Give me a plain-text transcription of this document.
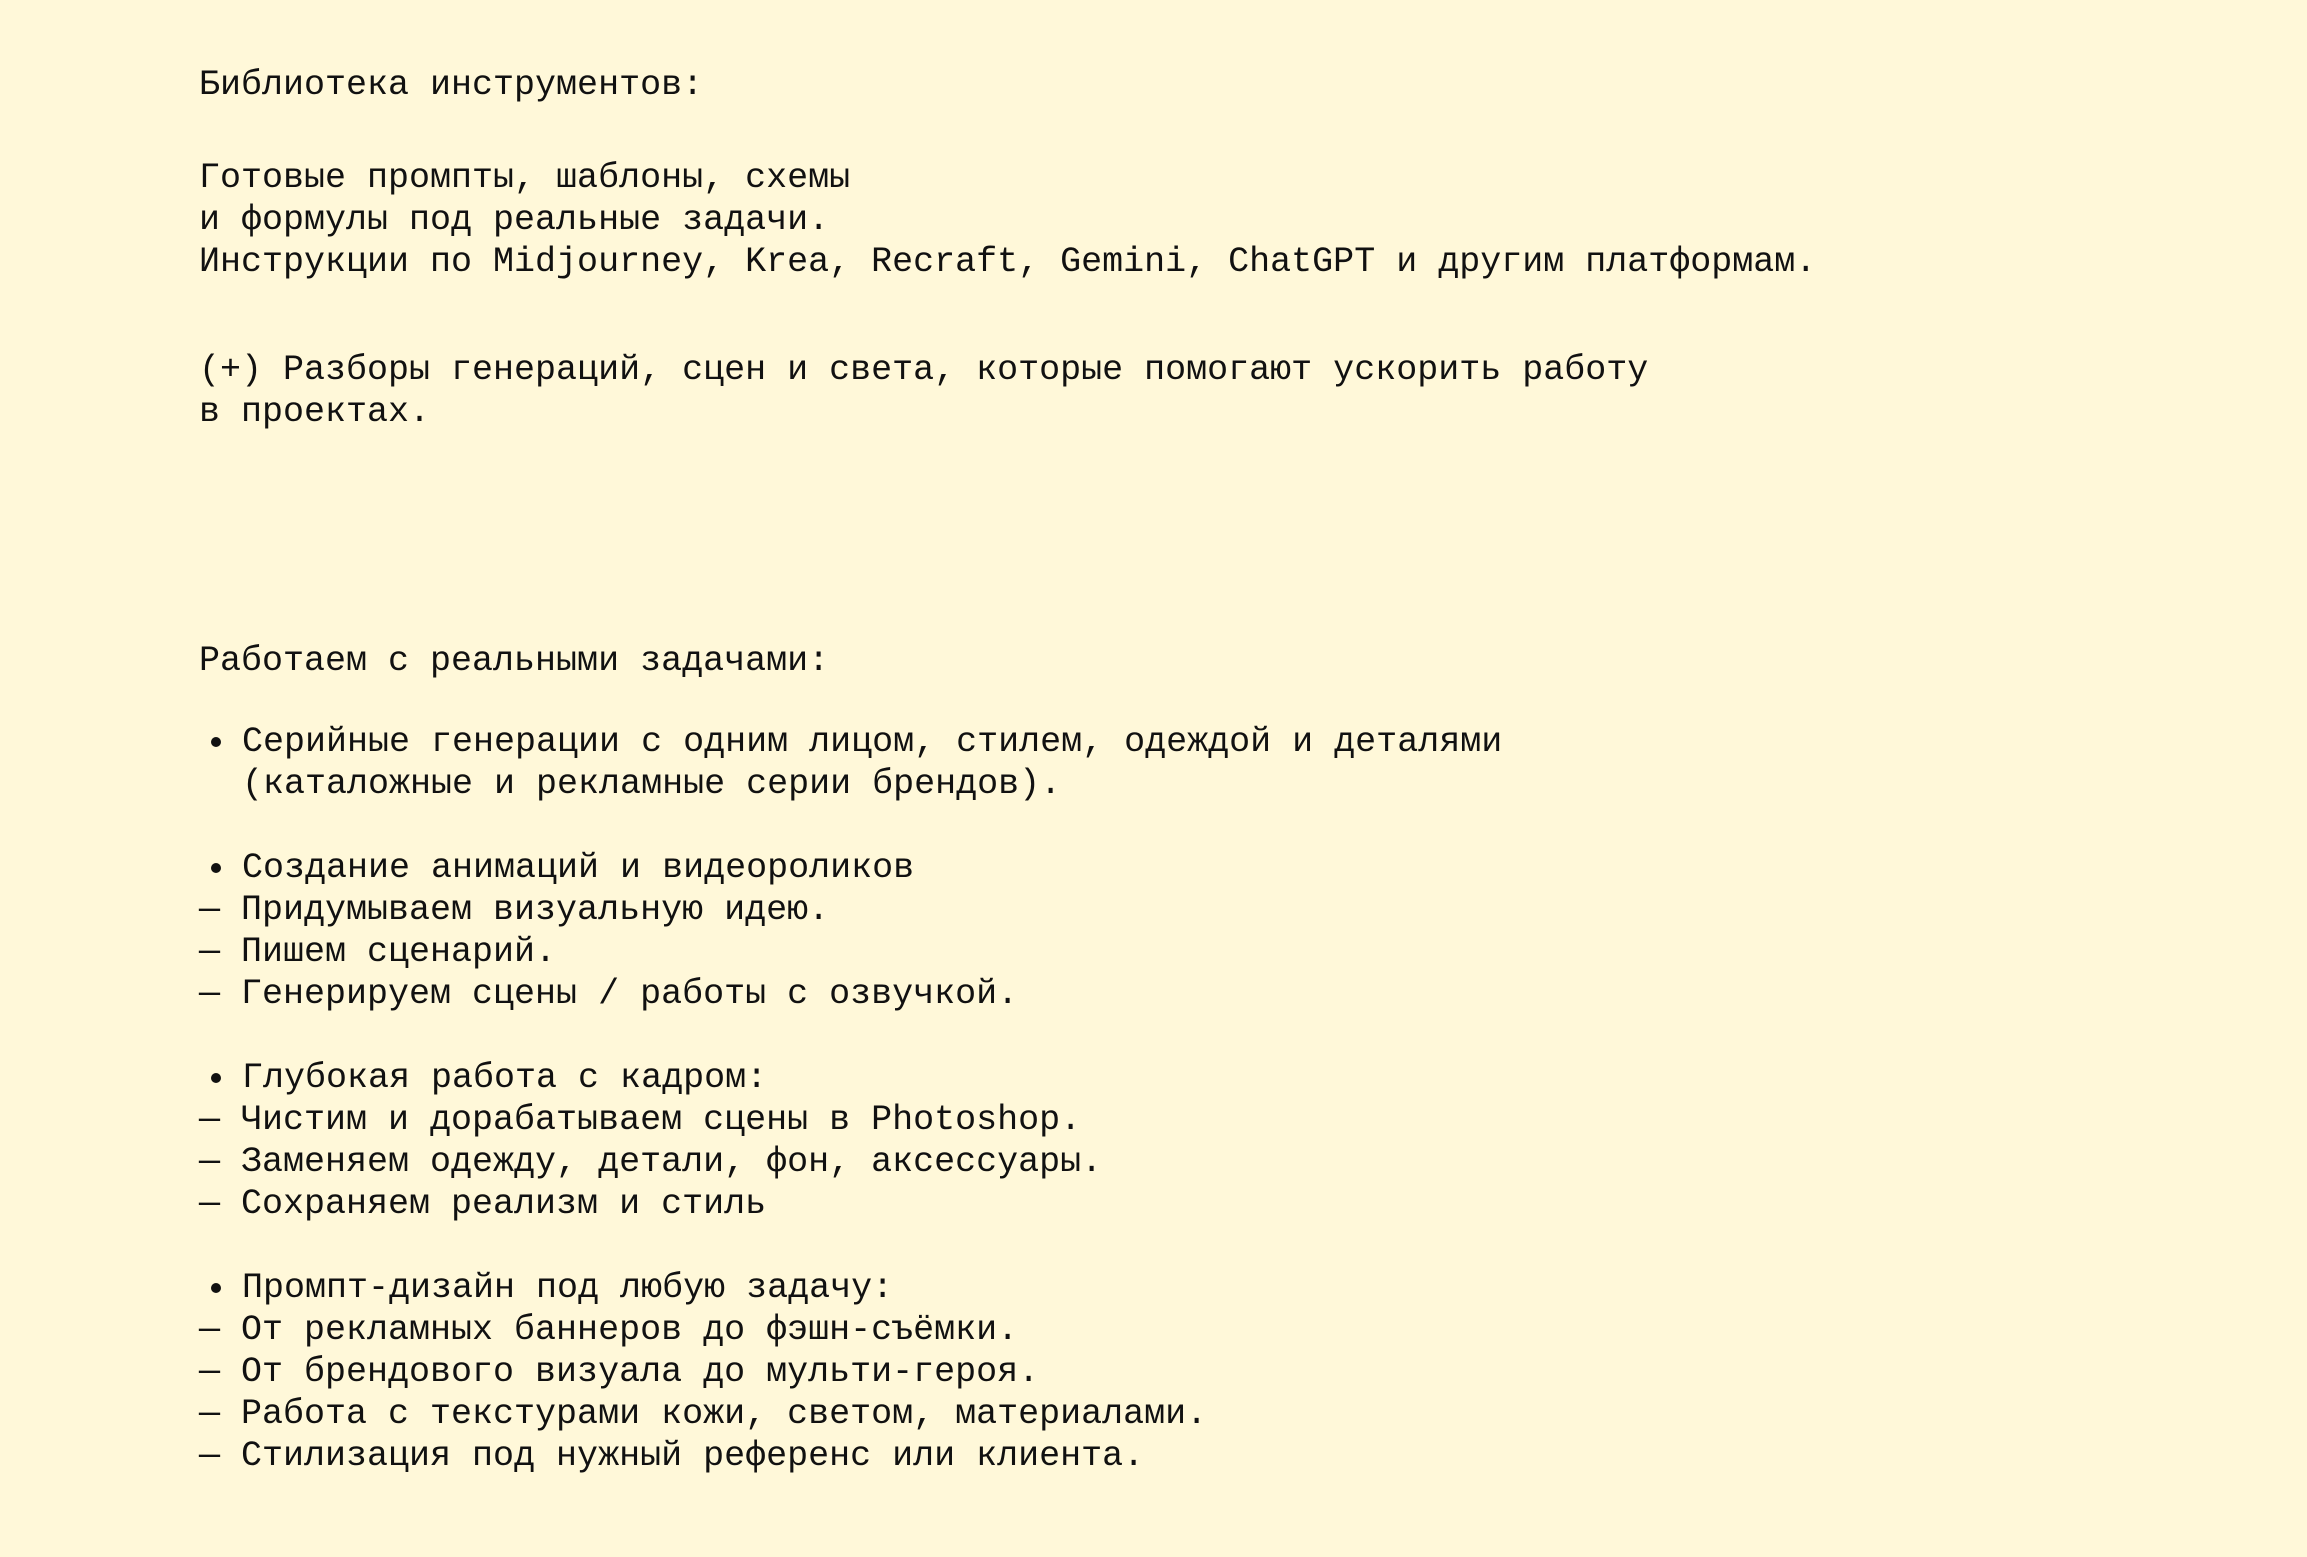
Библиотека инструментов:

Готовые промпты, шаблоны, схемы

и формулы под реальные задачи.

Инструкции по Midjourney, Krea, Recraft, Gemini, ChatGPT и другим платформам.

(+) Разборы генераций, сцен и света, которые помогают ускорить работу

в проектах.

Работаем с реальными задачами:

Серийные генерации с одним лицом, стилем, одеждой и деталями

(каталожные и рекламные серии брендов).

Создание анимаций и видеороликов

— Придумываем визуальную идею.

— Пишем сценарий.

— Генерируем сцены / работы с озвучкой.

Глубокая работа с кадром:

— Чистим и дорабатываем сцены в Photoshop.

— Заменяем одежду, детали, фон, аксессуары.

— Сохраняем реализм и стиль

Промпт-дизайн под любую задачу:

— От рекламных баннеров до фэшн-съёмки.

— От брендового визуала до мульти-героя.

— Работа с текстурами кожи, светом, материалами.

— Стилизация под нужный референс или клиента.
